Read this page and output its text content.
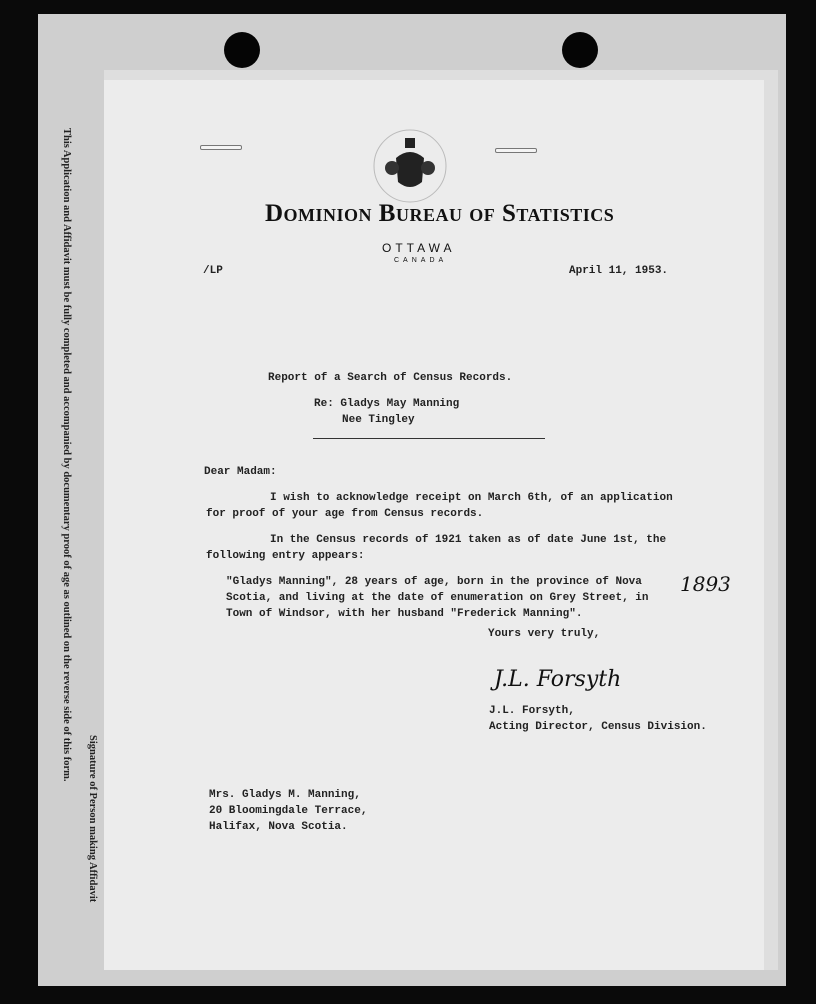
This Application and Affidavit must be fully completed and accompanied by documentary proof of age as outlined on the reverse side of this form.
Signature of Person making Affidavit
Dominion Bureau of Statistics
OTTAWA
CANADA
/LP	April 11, 1953.
Report of a Search of Census Records.
Re: Gladys May Manning
Nee Tingley
Dear Madam:
I wish to acknowledge receipt on March 6th, of an application
for proof of your age from Census records.
In the Census records of 1921 taken as of date June 1st, the
following entry appears:
"Gladys Manning", 28 years of age, born in the province of Nova
Scotia, and living at the date of enumeration on Grey Street, in
Town of Windsor, with her husband "Frederick Manning".
1893
Yours very truly,
J.L. Forsyth
J.L. Forsyth,
Acting Director, Census Division.
Mrs. Gladys M. Manning,
20 Bloomingdale Terrace,
Halifax, Nova Scotia.
